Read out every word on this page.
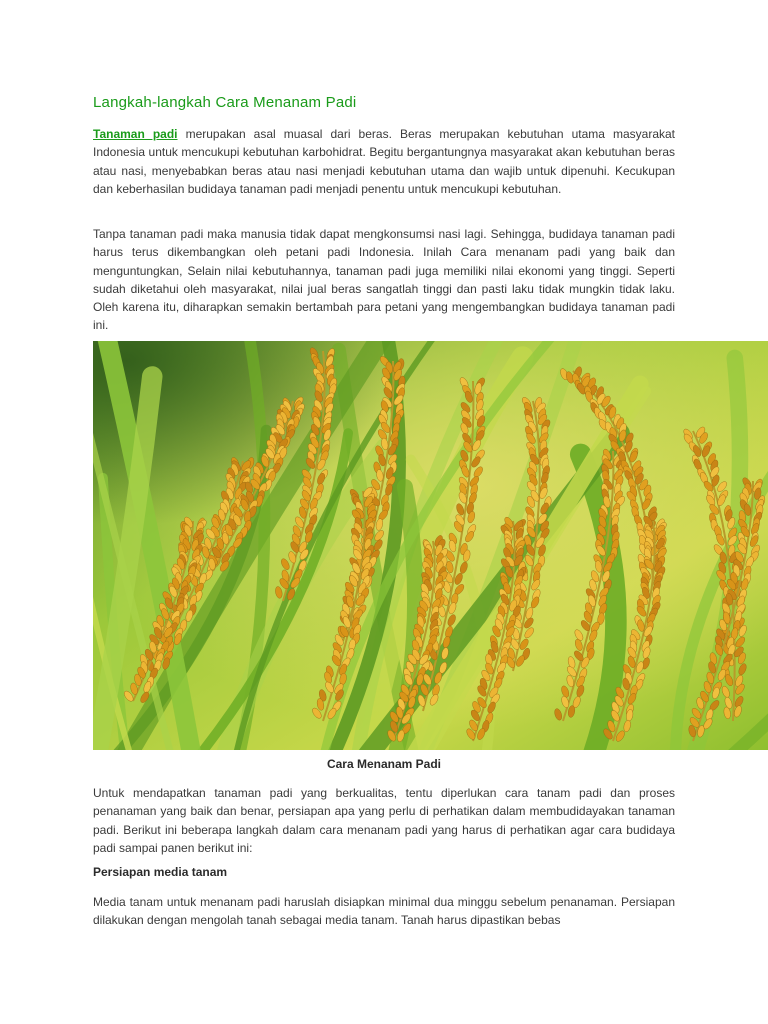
Langkah-langkah Cara Menanam Padi

Tanaman padi merupakan asal muasal dari beras. Beras merupakan kebutuhan utama masyarakat Indonesia untuk mencukupi kebutuhan karbohidrat. Begitu bergantungnya masyarakat akan kebutuhan beras atau nasi, menyebabkan beras atau nasi menjadi kebutuhan utama dan wajib untuk dipenuhi. Kecukupan dan keberhasilan budidaya tanaman padi menjadi penentu untuk mencukupi kebutuhan.

Tanpa tanaman padi maka manusia tidak dapat mengkonsumsi nasi lagi. Sehingga, budidaya tanaman padi harus terus dikembangkan oleh petani padi Indonesia. Inilah Cara menanam padi yang baik dan menguntungkan, Selain nilai kebutuhannya, tanaman padi juga memiliki nilai ekonomi yang tinggi. Seperti sudah diketahui oleh masyarakat, nilai jual beras sangatlah tinggi dan pasti laku tidak mungkin tidak laku. Oleh karena itu, diharapkan semakin bertambah para petani yang mengembangkan budidaya tanaman padi ini.

Cara Menanam Padi

Untuk mendapatkan tanaman padi yang berkualitas, tentu diperlukan cara tanam padi dan proses penanaman yang baik dan benar, persiapan apa yang perlu di perhatikan dalam membudidayakan tanaman padi. Berikut ini beberapa langkah dalam cara menanam padi yang harus di perhatikan agar cara budidaya padi sampai panen berikut ini:

Persiapan media tanam

Media tanam untuk menanam padi haruslah disiapkan minimal dua minggu sebelum penanaman. Persiapan dilakukan dengan mengolah tanah sebagai media tanam. Tanah harus dipastikan bebas
